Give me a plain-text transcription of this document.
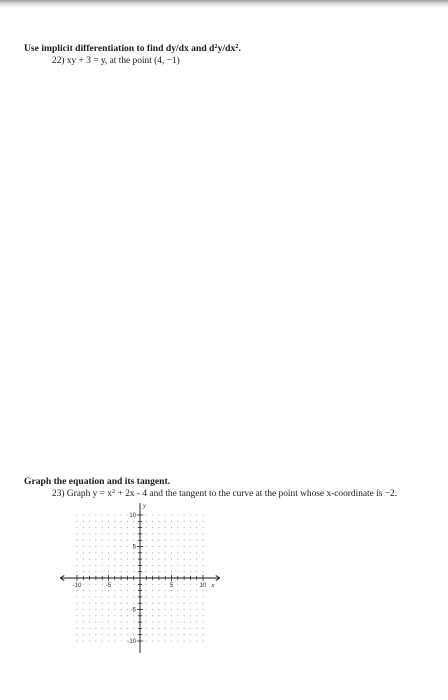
Use implicit differentiation to find dy/dx and $d^2y/dx^2$.
22) xy + 3 = y, at the point (4, −1)
Graph the equation and its tangent.
23) Graph $y = x^2 + 2x - 4$ and the tangent to the curve at the point whose x-coordinate is −2.
-10	-5	5	10
10
5
-5
-10
x
y
